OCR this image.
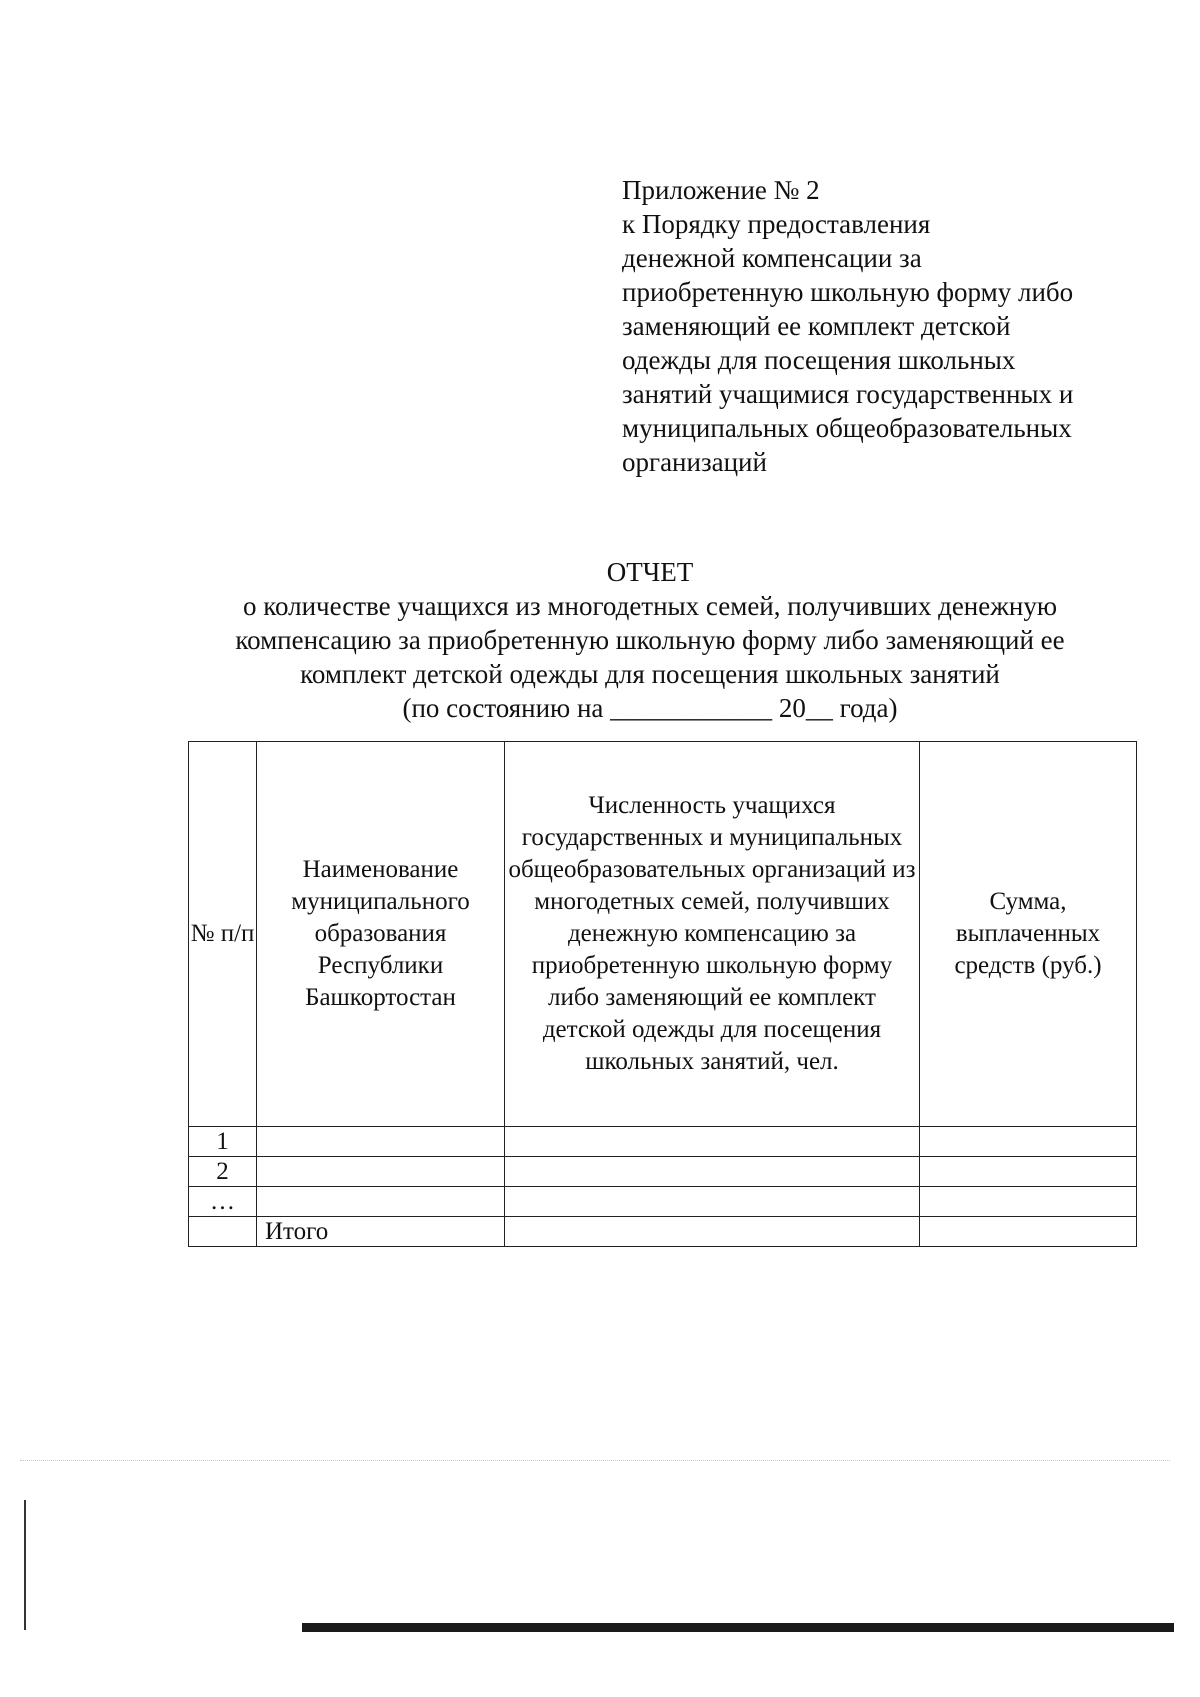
Приложение № 2
к Порядку предоставления
денежной компенсации за
приобретенную школьную форму либо
заменяющий ее комплект детской
одежды для посещения школьных
занятий учащимися государственных и
муниципальных общеобразовательных
организаций
ОТЧЕТ
о количестве учащихся из многодетных семей, получивших денежную
компенсацию за приобретенную школьную форму либо заменяющий ее
комплект детской одежды для посещения школьных занятий
(по состоянию на ____________ 20__ года)
№ п/п	Наименование муниципального образования Республики Башкортостан	Численность учащихся государственных и муниципальных общеобразовательных организаций из многодетных семей, получивших денежную компенсацию за приобретенную школьную форму либо заменяющий ее комплект детской одежды для посещения школьных занятий, чел.	Сумма, выплаченных средств (руб.)
1			
2			
…			
	Итого		
